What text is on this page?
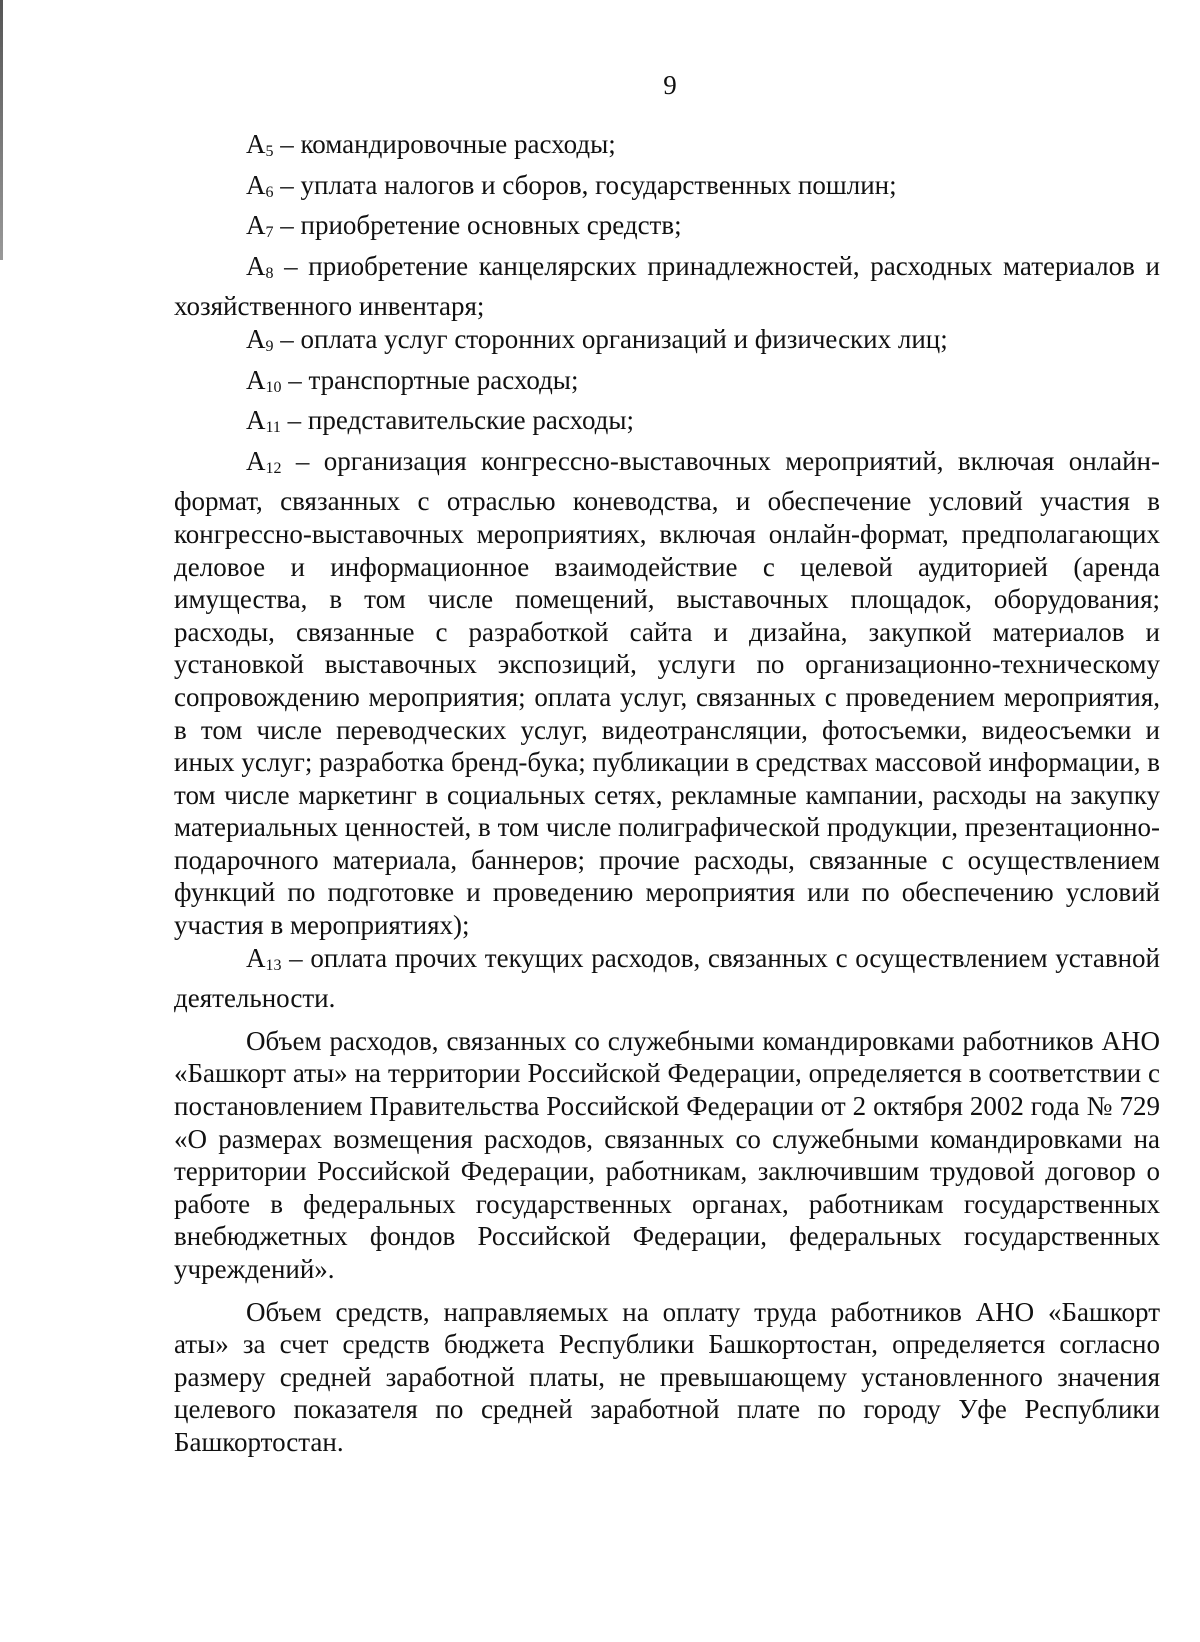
9

А5 – командировочные расходы;

А6 – уплата налогов и сборов, государственных пошлин;

А7 – приобретение основных средств;

А8 – приобретение канцелярских принадлежностей, расходных материалов и хозяйственного инвентаря;

А9 – оплата услуг сторонних организаций и физических лиц;

А10 – транспортные расходы;

А11 – представительские расходы;

А12 – организация конгрессно-выставочных мероприятий, включая онлайн-формат, связанных с отраслью коневодства, и обеспечение условий участия в конгрессно-выставочных мероприятиях, включая онлайн-формат, предполагающих деловое и информационное взаимодействие с целевой аудиторией (аренда имущества, в том числе помещений, выставочных площадок, оборудования; расходы, связанные с разработкой сайта и дизайна, закупкой материалов и установкой выставочных экспозиций, услуги по организационно-техническому сопровождению мероприятия; оплата услуг, связанных с проведением мероприятия, в том числе переводческих услуг, видеотрансляции, фотосъемки, видеосъемки и иных услуг; разработка бренд-бука; публикации в средствах массовой информации, в том числе маркетинг в социальных сетях, рекламные кампании, расходы на закупку материальных ценностей, в том числе полиграфической продукции, презентационно-подарочного материала, баннеров; прочие расходы, связанные с осуществлением функций по подготовке и проведению мероприятия или по обеспечению условий участия в мероприятиях);

А13 – оплата прочих текущих расходов, связанных с осуществлением уставной деятельности.

Объем расходов, связанных со служебными командировками работников АНО «Башкорт аты» на территории Российской Федерации, определяется в соответствии с постановлением Правительства Российской Федерации от 2 октября 2002 года № 729 «О размерах возмещения расходов, связанных со служебными командировками на территории Российской Федерации, работникам, заключившим трудовой договор о работе в федеральных государственных органах, работникам государственных внебюджетных фондов Российской Федерации, федеральных государственных учреждений».

Объем средств, направляемых на оплату труда работников АНО «Башкорт аты» за счет средств бюджета Республики Башкортостан, определяется согласно размеру средней заработной платы, не превышающему установленного значения целевого показателя по средней заработной плате по городу Уфе Республики Башкортостан.
